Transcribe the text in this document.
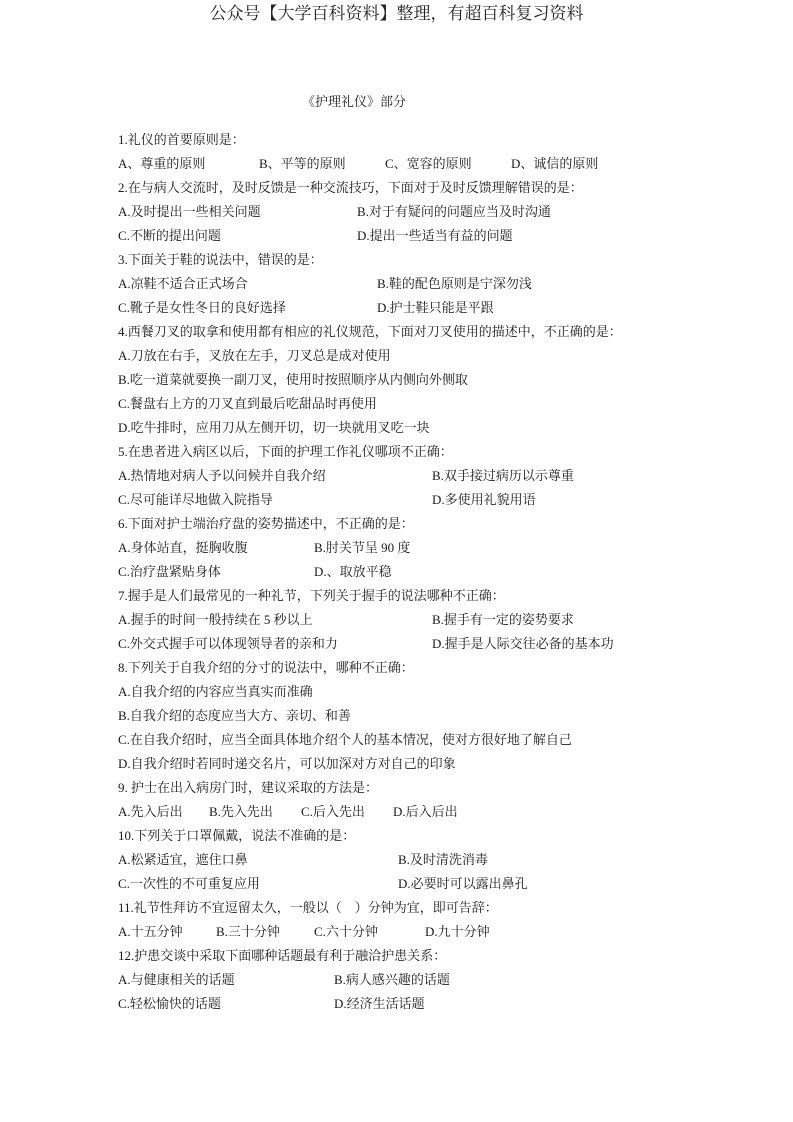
公众号【大学百科资料】整理，有超百科复习资料
《护理礼仪》部分
1.礼仪的首要原则是：
A、尊重的原则	B、平等的原则	C、宽容的原则	D、诚信的原则
2.在与病人交流时，及时反馈是一种交流技巧，下面对于及时反馈理解错误的是：
A.及时提出一些相关问题	B.对于有疑问的问题应当及时沟通
C.不断的提出问题	D.提出一些适当有益的问题
3.下面关于鞋的说法中，错误的是：
A.凉鞋不适合正式场合	B.鞋的配色原则是宁深勿浅
C.靴子是女性冬日的良好选择	D.护士鞋只能是平跟
4.西餐刀叉的取拿和使用都有相应的礼仪规范，下面对刀叉使用的描述中，不正确的是：
A.刀放在右手，叉放在左手，刀叉总是成对使用
B.吃一道菜就要换一副刀叉，使用时按照顺序从内侧向外侧取
C.餐盘右上方的刀叉直到最后吃甜品时再使用
D.吃牛排时，应用刀从左侧开切，切一块就用叉吃一块
5.在患者进入病区以后，下面的护理工作礼仪哪项不正确：
A.热情地对病人予以问候并自我介绍	B.双手接过病历以示尊重
C.尽可能详尽地做入院指导	D.多使用礼貌用语
6.下面对护士端治疗盘的姿势描述中，不正确的是：
A.身体站直，挺胸收腹	B.肘关节呈 90 度
C.治疗盘紧贴身体	D.、取放平稳
7.握手是人们最常见的一种礼节，下列关于握手的说法哪种不正确：
A.握手的时间一般持续在 5 秒以上	B.握手有一定的姿势要求
C.外交式握手可以体现领导者的亲和力	D.握手是人际交往必备的基本功
8.下列关于自我介绍的分寸的说法中，哪种不正确：
A.自我介绍的内容应当真实而准确
B.自我介绍的态度应当大方、亲切、和善
C.在自我介绍时，应当全面具体地介绍个人的基本情况，使对方很好地了解自己
D.自我介绍时若同时递交名片，可以加深对方对自己的印象
9. 护士在出入病房门时，建议采取的方法是：
A.先入后出 B.先入先出 C.后入先出 D.后入后出
10.下列关于口罩佩戴，说法不准确的是：
A.松紧适宜，遮住口鼻	B.及时清洗消毒
C.一次性的不可重复应用	D.必要时可以露出鼻孔
11.礼节性拜访不宜逗留太久，一般以（　）分钟为宜，即可告辞：
A.十五分钟	B.三十分钟	C.六十分钟	D.九十分钟
12.护患交谈中采取下面哪种话题最有利于融洽护患关系：
A.与健康相关的话题	B.病人感兴趣的话题
C.轻松愉快的话题	D.经济生活话题
